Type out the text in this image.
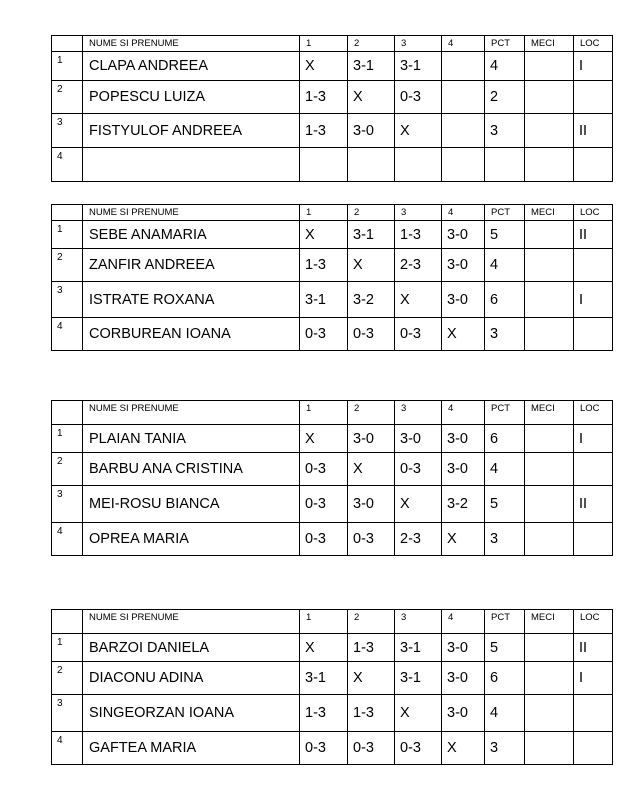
	NUME SI PRENUME	1	2	3	4	PCT	MECI	LOC
1	CLAPA ANDREEA	X	3-1	3-1		4		I
2	POPESCU LUIZA	1-3	X	0-3		2		
3	FISTYULOF ANDREEA	1-3	3-0	X		3		II
4								
	NUME SI PRENUME	1	2	3	4	PCT	MECI	LOC
1	SEBE ANAMARIA	X	3-1	1-3	3-0	5		II
2	ZANFIR ANDREEA	1-3	X	2-3	3-0	4		
3	ISTRATE ROXANA	3-1	3-2	X	3-0	6		I
4	CORBUREAN IOANA	0-3	0-3	0-3	X	3		
	NUME SI PRENUME	1	2	3	4	PCT	MECI	LOC
1	PLAIAN TANIA	X	3-0	3-0	3-0	6		I
2	BARBU ANA CRISTINA	0-3	X	0-3	3-0	4		
3	MEI-ROSU BIANCA	0-3	3-0	X	3-2	5		II
4	OPREA MARIA	0-3	0-3	2-3	X	3		
	NUME SI PRENUME	1	2	3	4	PCT	MECI	LOC
1	BARZOI DANIELA	X	1-3	3-1	3-0	5		II
2	DIACONU ADINA	3-1	X	3-1	3-0	6		I
3	SINGEORZAN IOANA	1-3	1-3	X	3-0	4		
4	GAFTEA MARIA	0-3	0-3	0-3	X	3		
